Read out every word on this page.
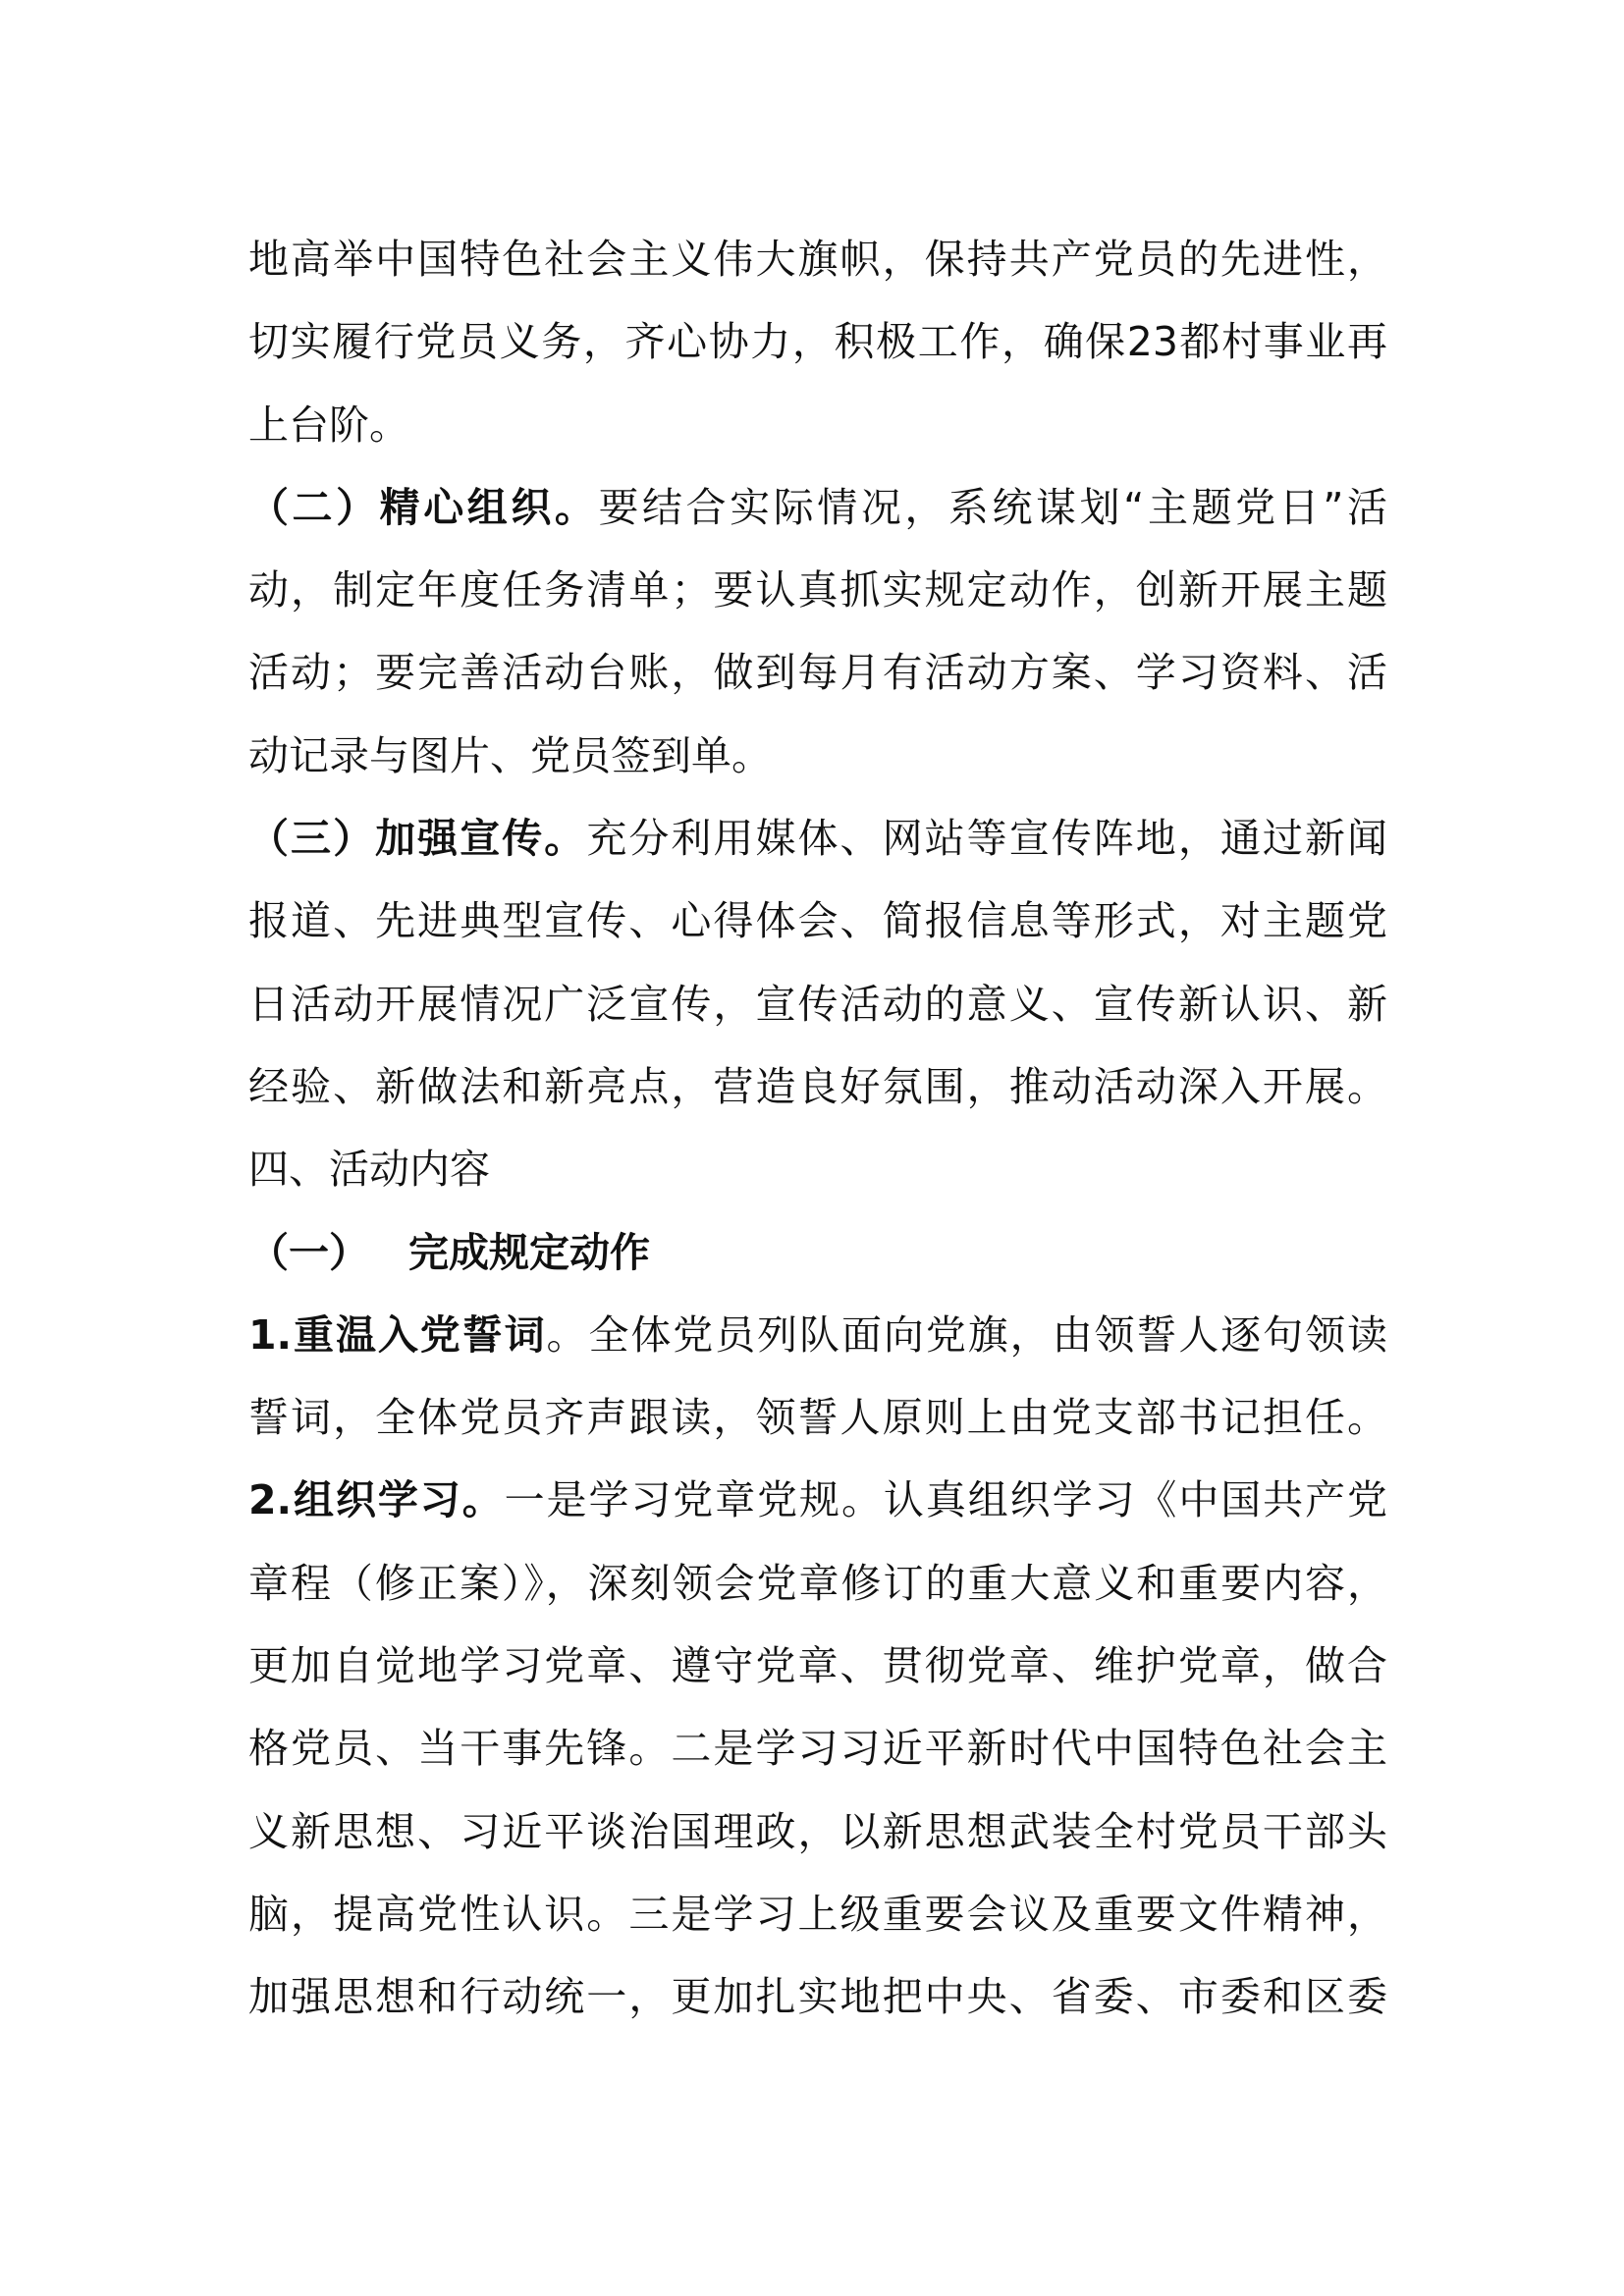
地高举中国特色社会主义伟大旗帜，保持共产党员的先进性，
切实履行党员义务，齐心协力，积极工作，确保23都村事业再
上台阶。
（二）精心组织。要结合实际情况，系统谋划“主题党日”活
动，制定年度任务清单；要认真抓实规定动作，创新开展主题
活动；要完善活动台账，做到每月有活动方案、学习资料、活
动记录与图片、党员签到单。
（三）加强宣传。充分利用媒体、网站等宣传阵地，通过新闻
报道、先进典型宣传、心得体会、简报信息等形式，对主题党
日活动开展情况广泛宣传，宣传活动的意义、宣传新认识、新
经验、新做法和新亮点，营造良好氛围，推动活动深入开展。
四、活动内容
（一） 完成规定动作
1.重温入党誓词。全体党员列队面向党旗，由领誓人逐句领读
誓词，全体党员齐声跟读，领誓人原则上由党支部书记担任。
2.组织学习。一是学习党章党规。认真组织学习《中国共产党
章程（修正案）》，深刻领会党章修订的重大意义和重要内容，
更加自觉地学习党章、遵守党章、贯彻党章、维护党章，做合
格党员、当干事先锋。二是学习习近平新时代中国特色社会主
义新思想、习近平谈治国理政，以新思想武装全村党员干部头
脑，提高党性认识。三是学习上级重要会议及重要文件精神，
加强思想和行动统一，更加扎实地把中央、省委、市委和区委
